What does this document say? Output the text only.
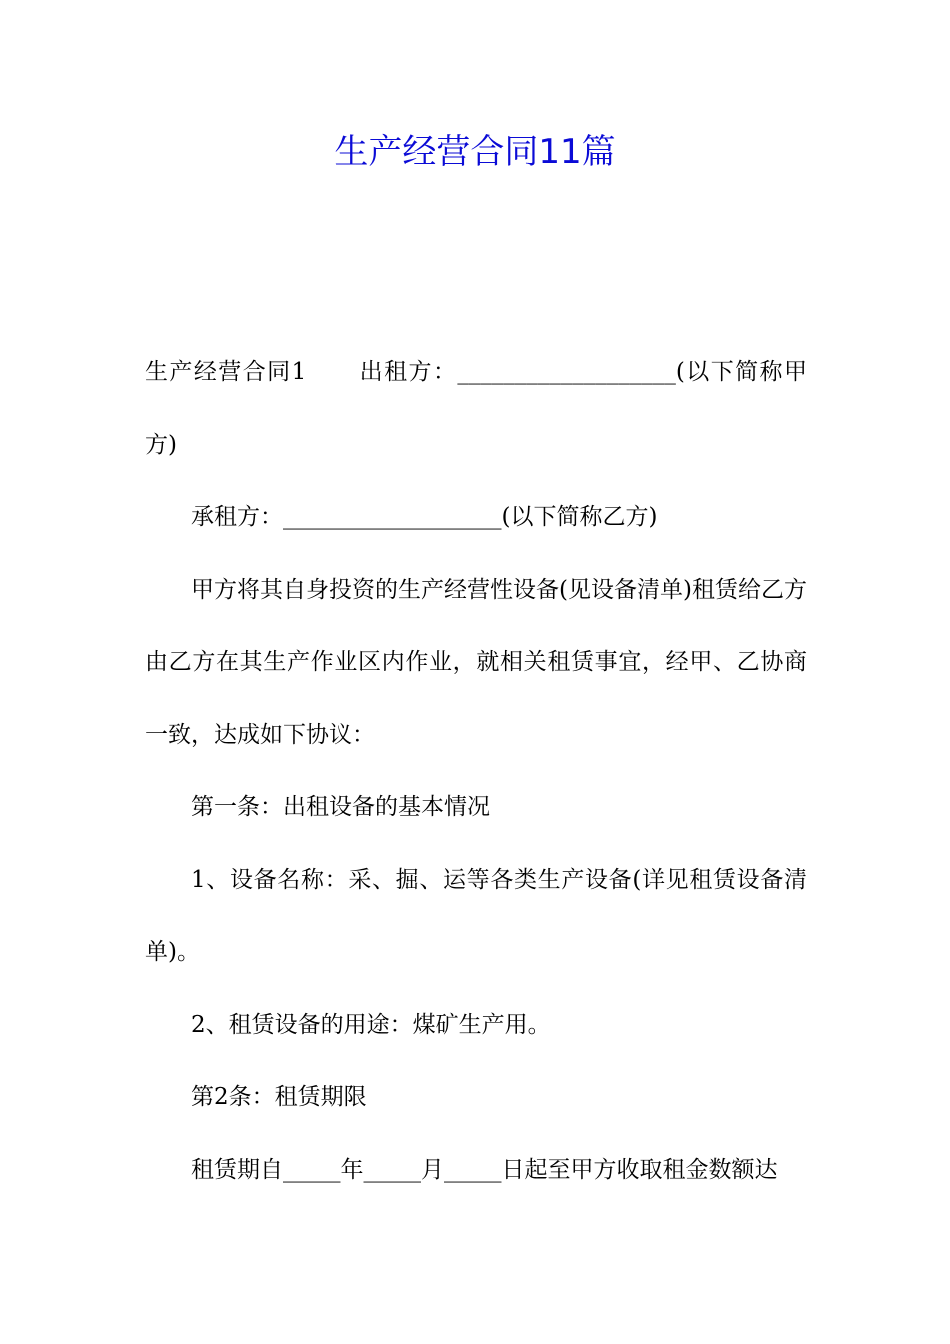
生产经营合同11篇

生产经营合同1 出租方：___________________(以下简称甲方)

承租方：___________________(以下简称乙方)

甲方将其自身投资的生产经营性设备(见设备清单)租赁给乙方由乙方在其生产作业区内作业，就相关租赁事宜，经甲、乙协商一致，达成如下协议：

第一条：出租设备的基本情况

1、设备名称：采、掘、运等各类生产设备(详见租赁设备清单)。

2、租赁设备的用途：煤矿生产用。

第2条：租赁期限

租赁期自_____年_____月_____日起至甲方收取租金数额达
